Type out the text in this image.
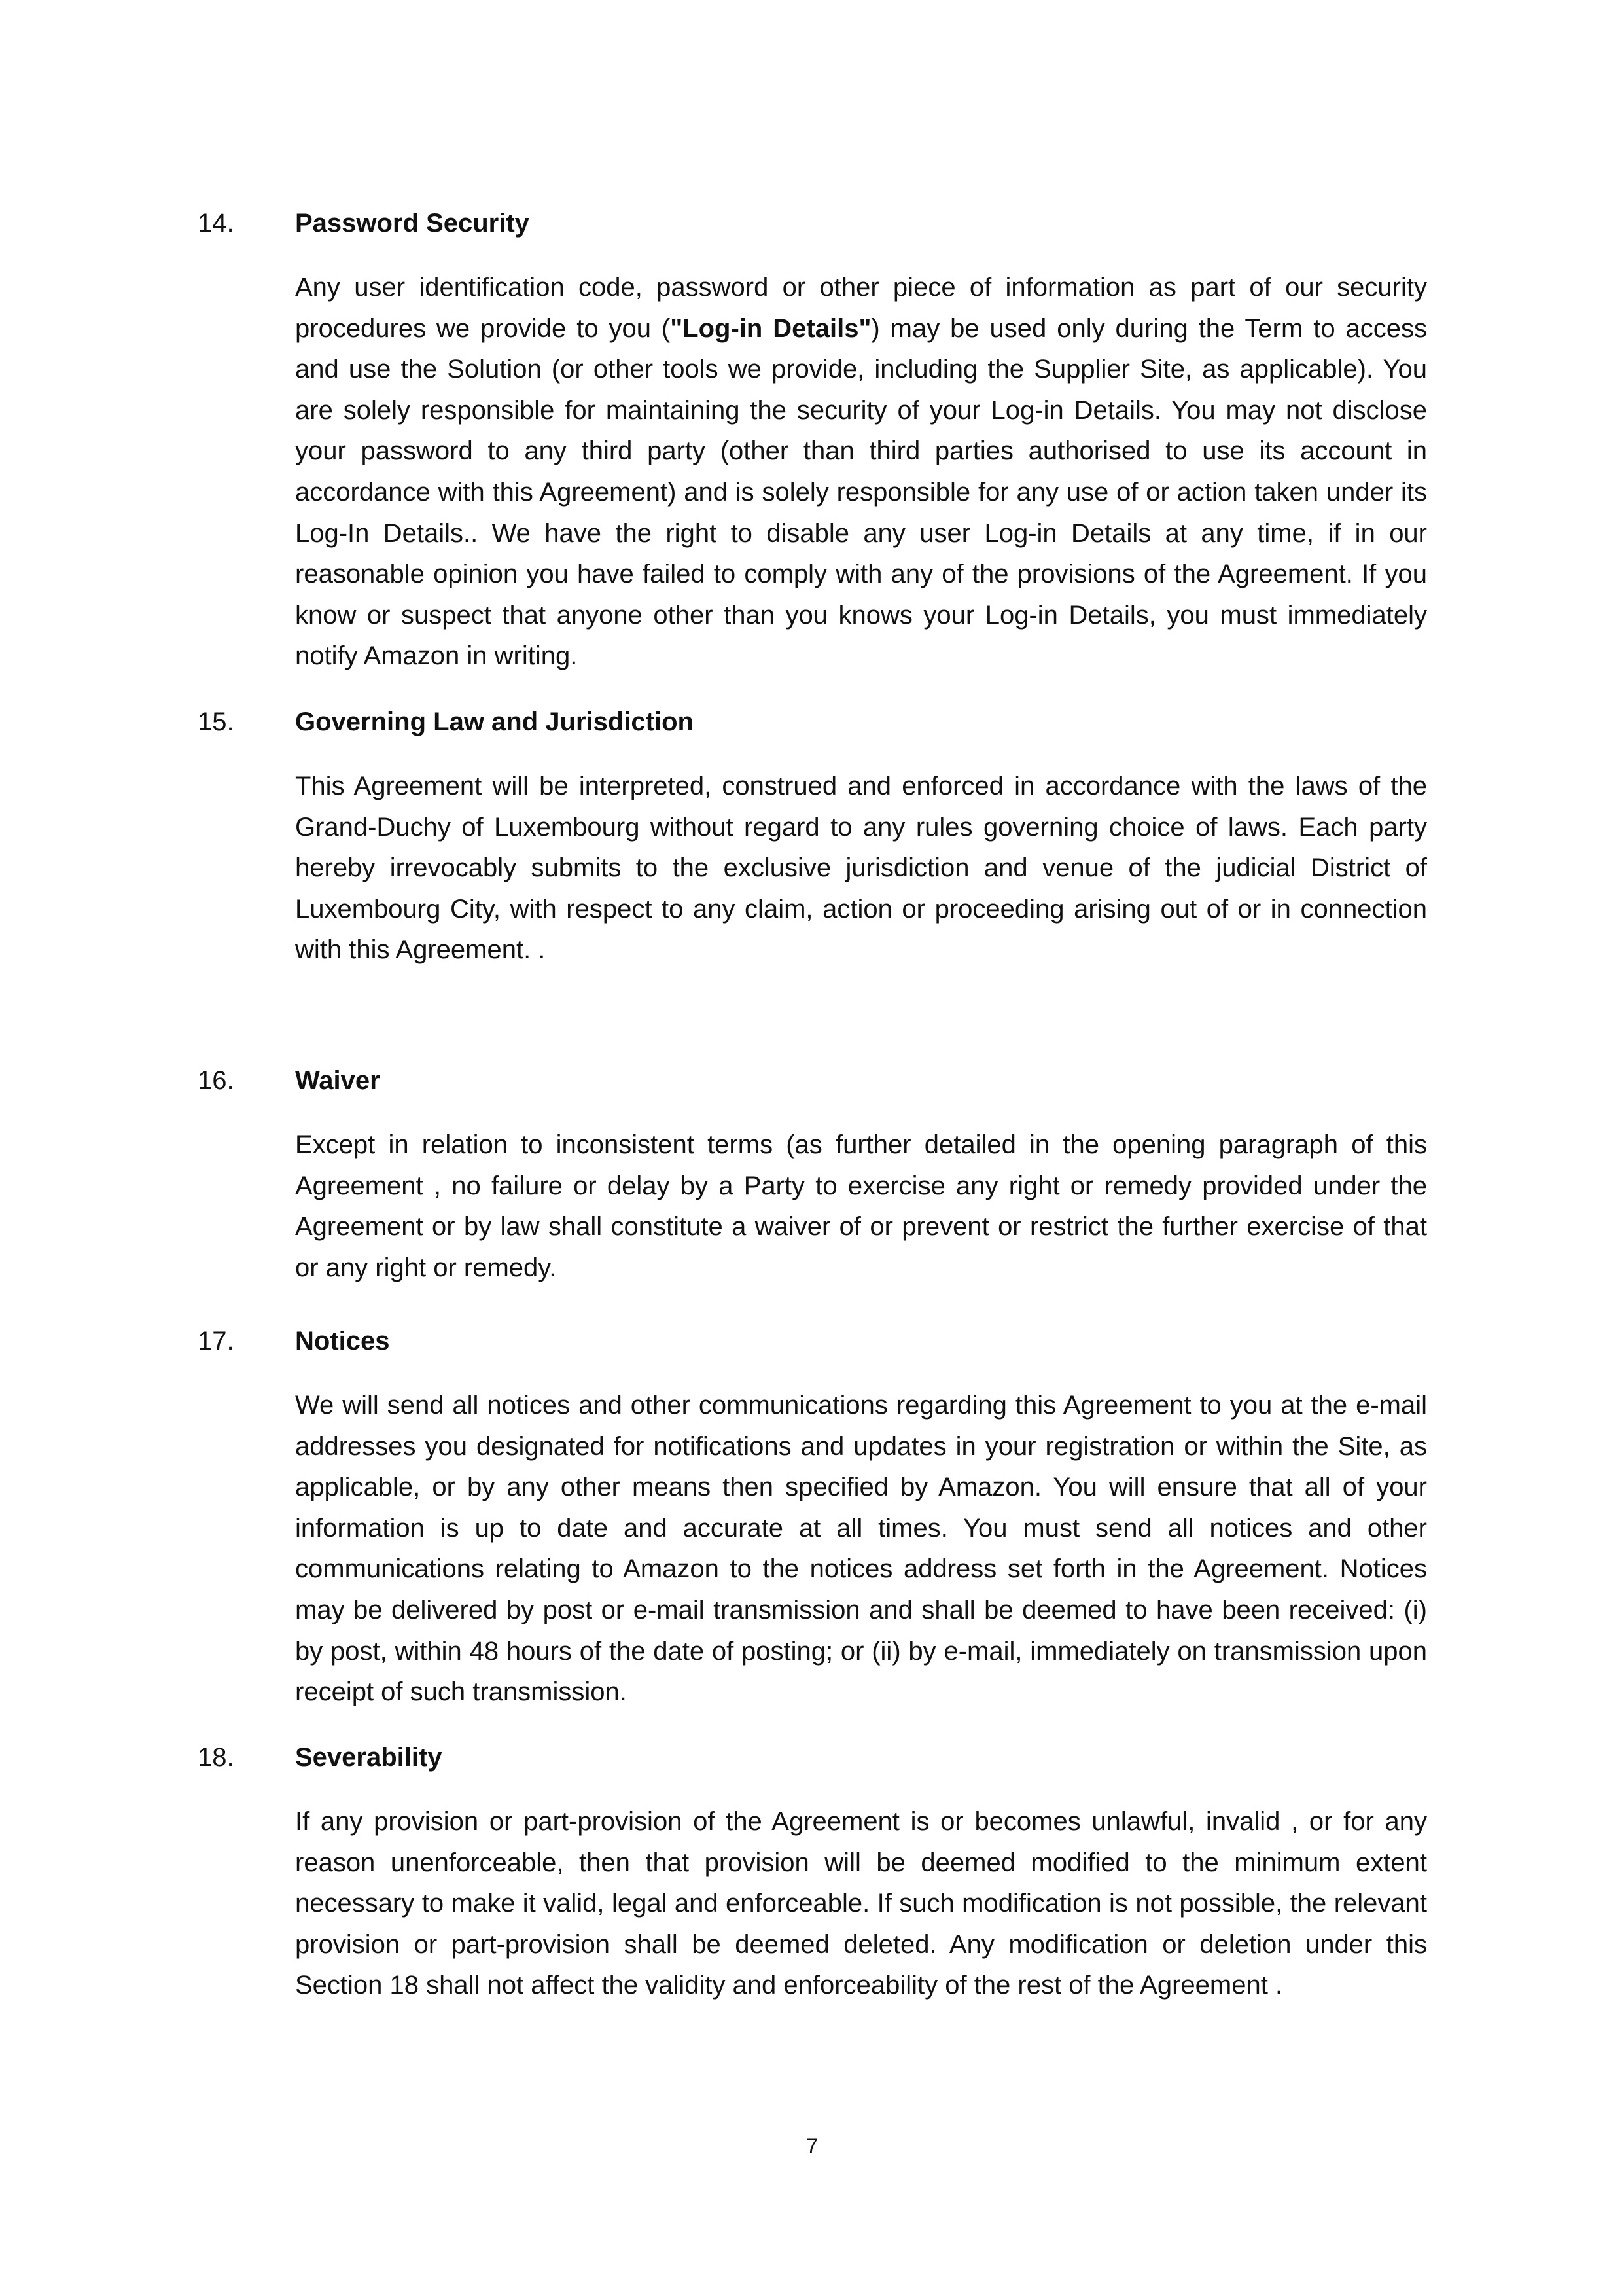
14. Password Security
Any user identification code, password or other piece of information as part of our security procedures we provide to you ("Log-in Details") may be used only during the Term to access and use the Solution (or other tools we provide, including the Supplier Site, as applicable). You are solely responsible for maintaining the security of your Log-in Details. You may not disclose your password to any third party (other than third parties authorised to use its account in accordance with this Agreement) and is solely responsible for any use of or action taken under its Log-In Details.. We have the right to disable any user Log-in Details at any time, if in our reasonable opinion you have failed to comply with any of the provisions of the Agreement. If you know or suspect that anyone other than you knows your Log-in Details, you must immediately notify Amazon in writing.
15. Governing Law and Jurisdiction
This Agreement will be interpreted, construed and enforced in accordance with the laws of the Grand-Duchy of Luxembourg without regard to any rules governing choice of laws. Each party hereby irrevocably submits to the exclusive jurisdiction and venue of the judicial District of Luxembourg City, with respect to any claim, action or proceeding arising out of or in connection with this Agreement. .
16. Waiver
Except in relation to inconsistent terms (as further detailed in the opening paragraph of this Agreement , no failure or delay by a Party to exercise any right or remedy provided under the Agreement or by law shall constitute a waiver of or prevent or restrict the further exercise of that or any right or remedy.
17. Notices
We will send all notices and other communications regarding this Agreement to you at the e-mail addresses you designated for notifications and updates in your registration or within the Site, as applicable, or by any other means then specified by Amazon. You will ensure that all of your information is up to date and accurate at all times. You must send all notices and other communications relating to Amazon to the notices address set forth in the Agreement. Notices may be delivered by post or e-mail transmission and shall be deemed to have been received: (i) by post, within 48 hours of the date of posting; or (ii) by e-mail, immediately on transmission upon receipt of such transmission.
18. Severability
If any provision or part-provision of the Agreement is or becomes unlawful, invalid , or for any reason unenforceable, then that provision will be deemed modified to the minimum extent necessary to make it valid, legal and enforceable. If such modification is not possible, the relevant provision or part-provision shall be deemed deleted. Any modification or deletion under this Section 18 shall not affect the validity and enforceability of the rest of the Agreement .
7
